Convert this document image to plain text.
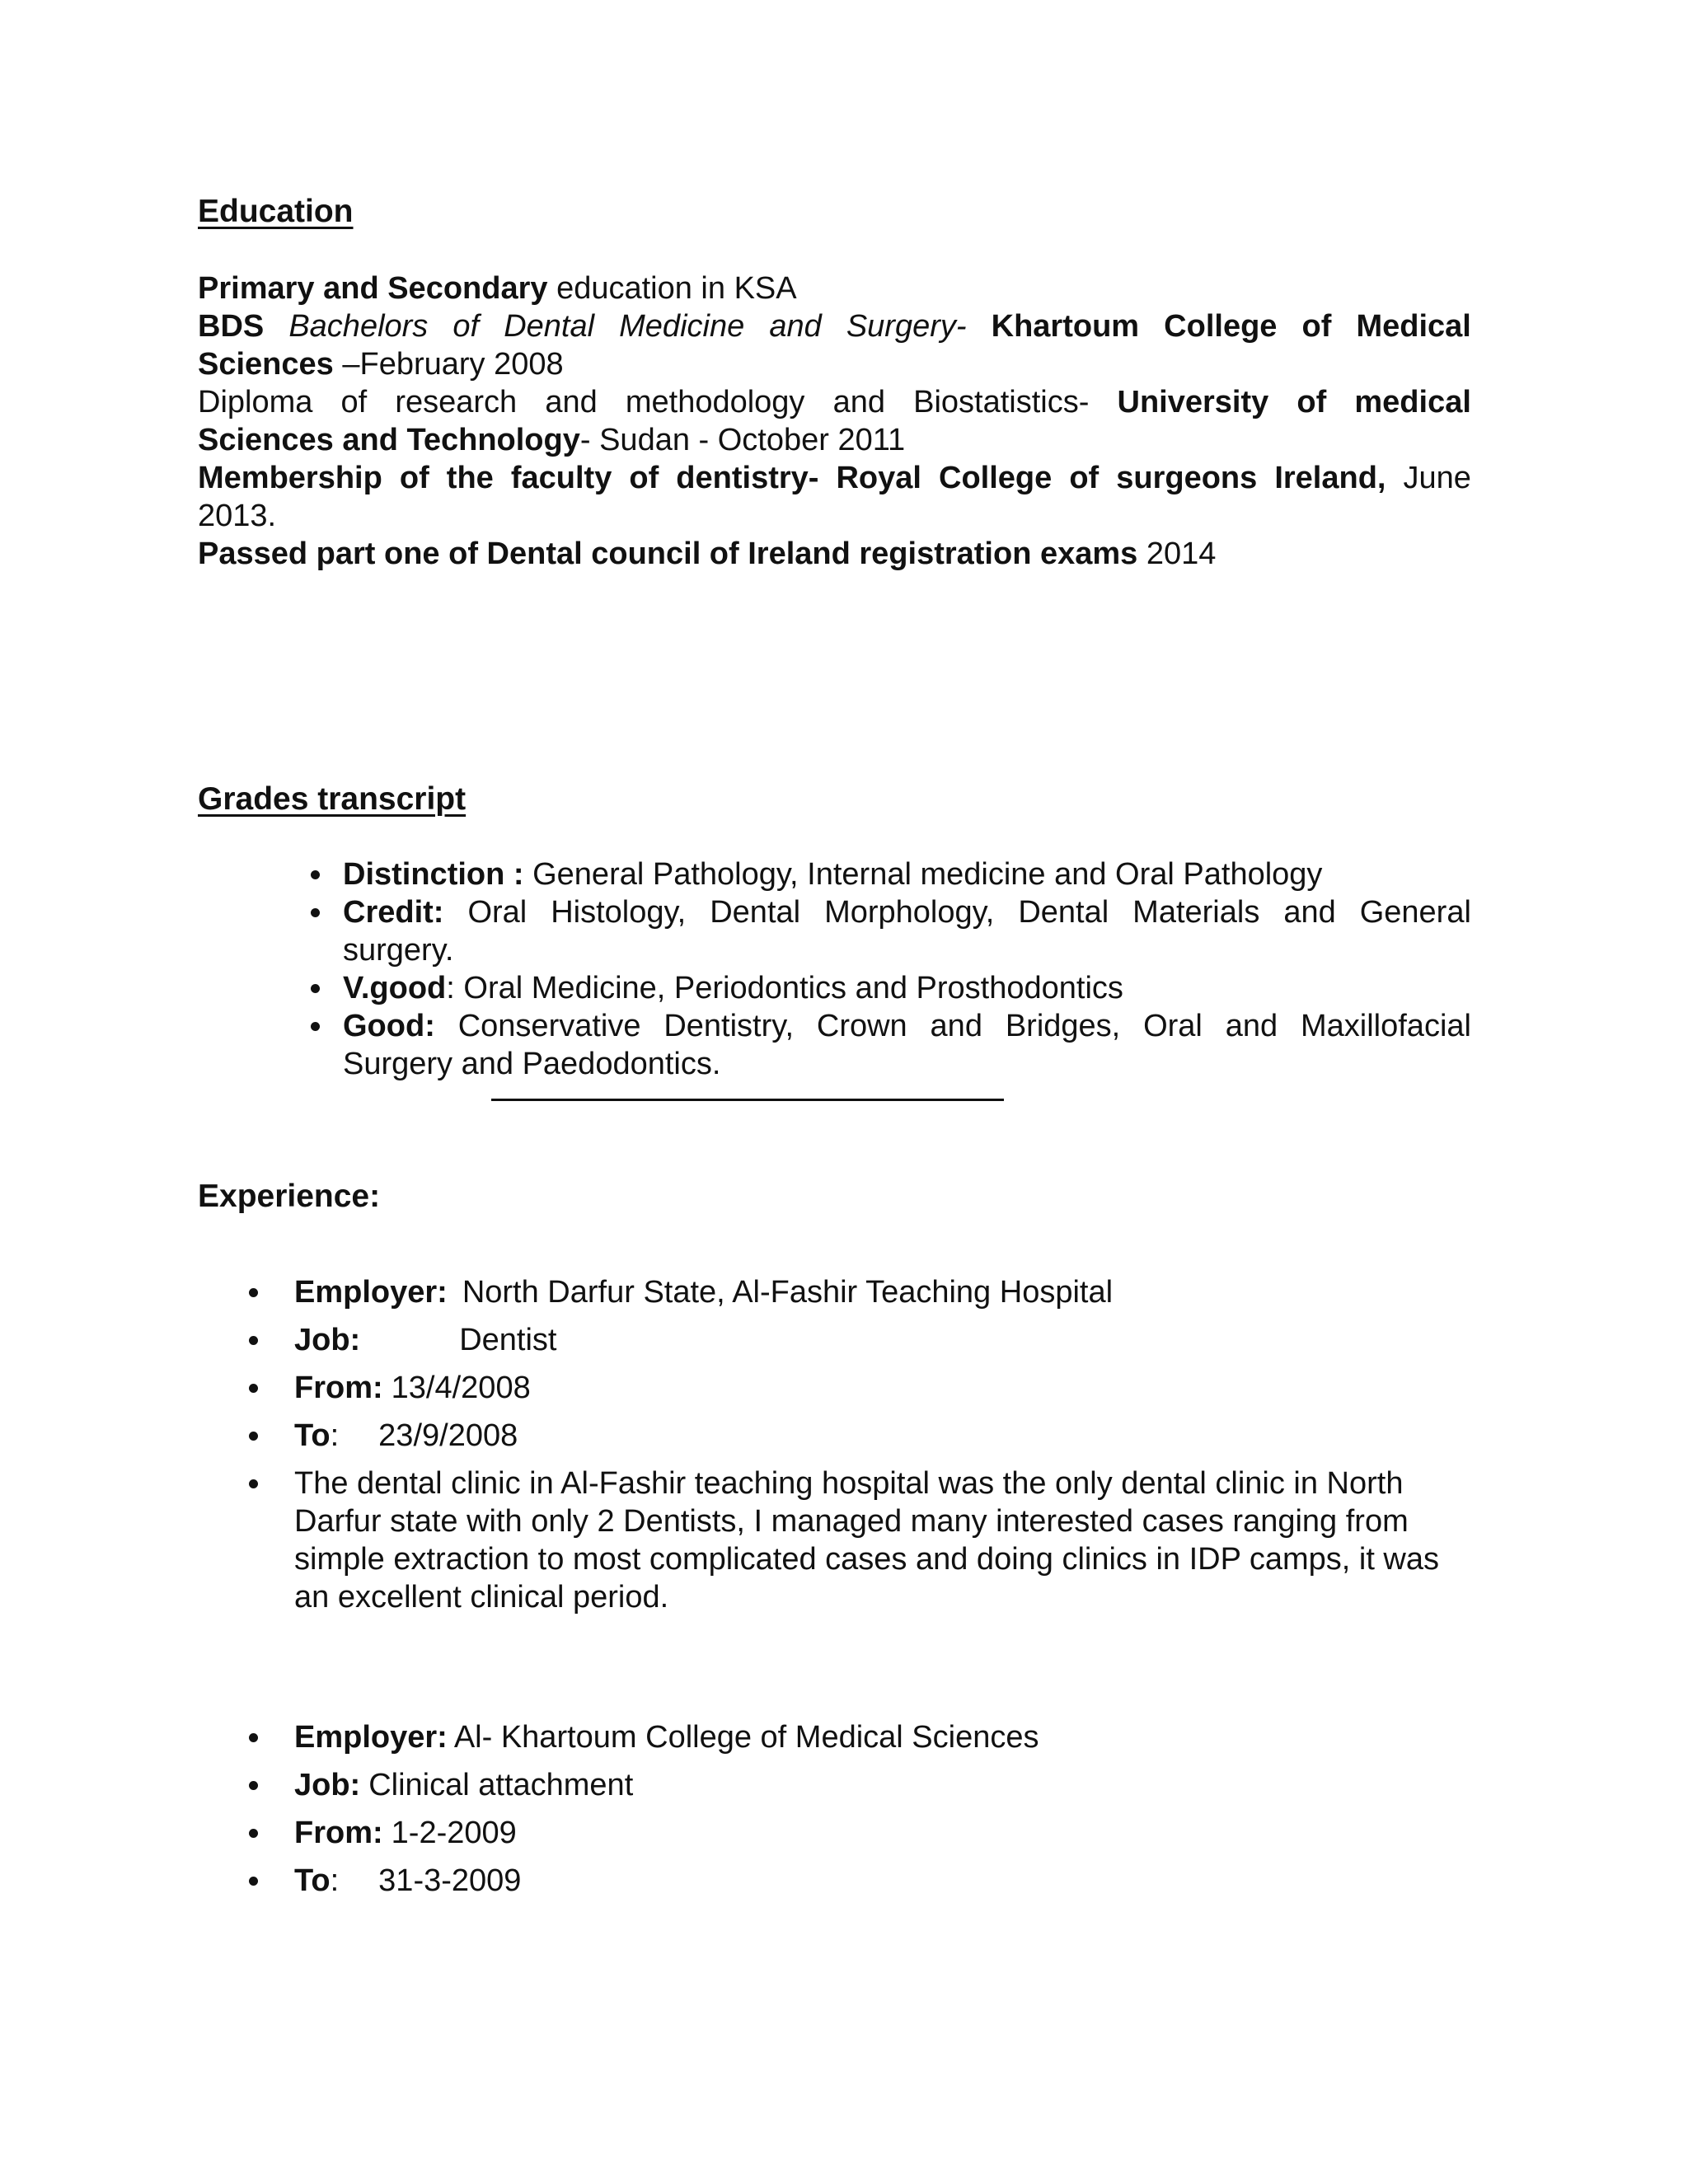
Education
Primary and Secondary education in KSA
BDS Bachelors of Dental Medicine and Surgery- Khartoum College of Medical
Sciences –February 2008
Diploma of research and methodology and Biostatistics- University of medical
Sciences and Technology- Sudan - October 2011
Membership of the faculty of dentistry- Royal College of surgeons Ireland, June
2013.
Passed part one of Dental council of Ireland registration exams 2014
Grades transcript
Distinction : General Pathology, Internal medicine and Oral Pathology
Credit: Oral Histology, Dental Morphology, Dental Materials and General
surgery.
V.good: Oral Medicine, Periodontics and Prosthodontics
Good: Conservative Dentistry, Crown and Bridges, Oral and Maxillofacial
Surgery and Paedodontics.
Experience:
Employer: North Darfur State, Al-Fashir Teaching Hospital
Job:	Dentist
From: 13/4/2008
To: 23/9/2008
The dental clinic in Al-Fashir teaching hospital was the only dental clinic in North
Darfur state with only 2 Dentists, I managed many interested cases ranging from
simple extraction to most complicated cases and doing clinics in IDP camps, it was
an excellent clinical period.
Employer: Al- Khartoum College of Medical Sciences
Job: Clinical attachment
From: 1-2-2009
To: 31-3-2009
